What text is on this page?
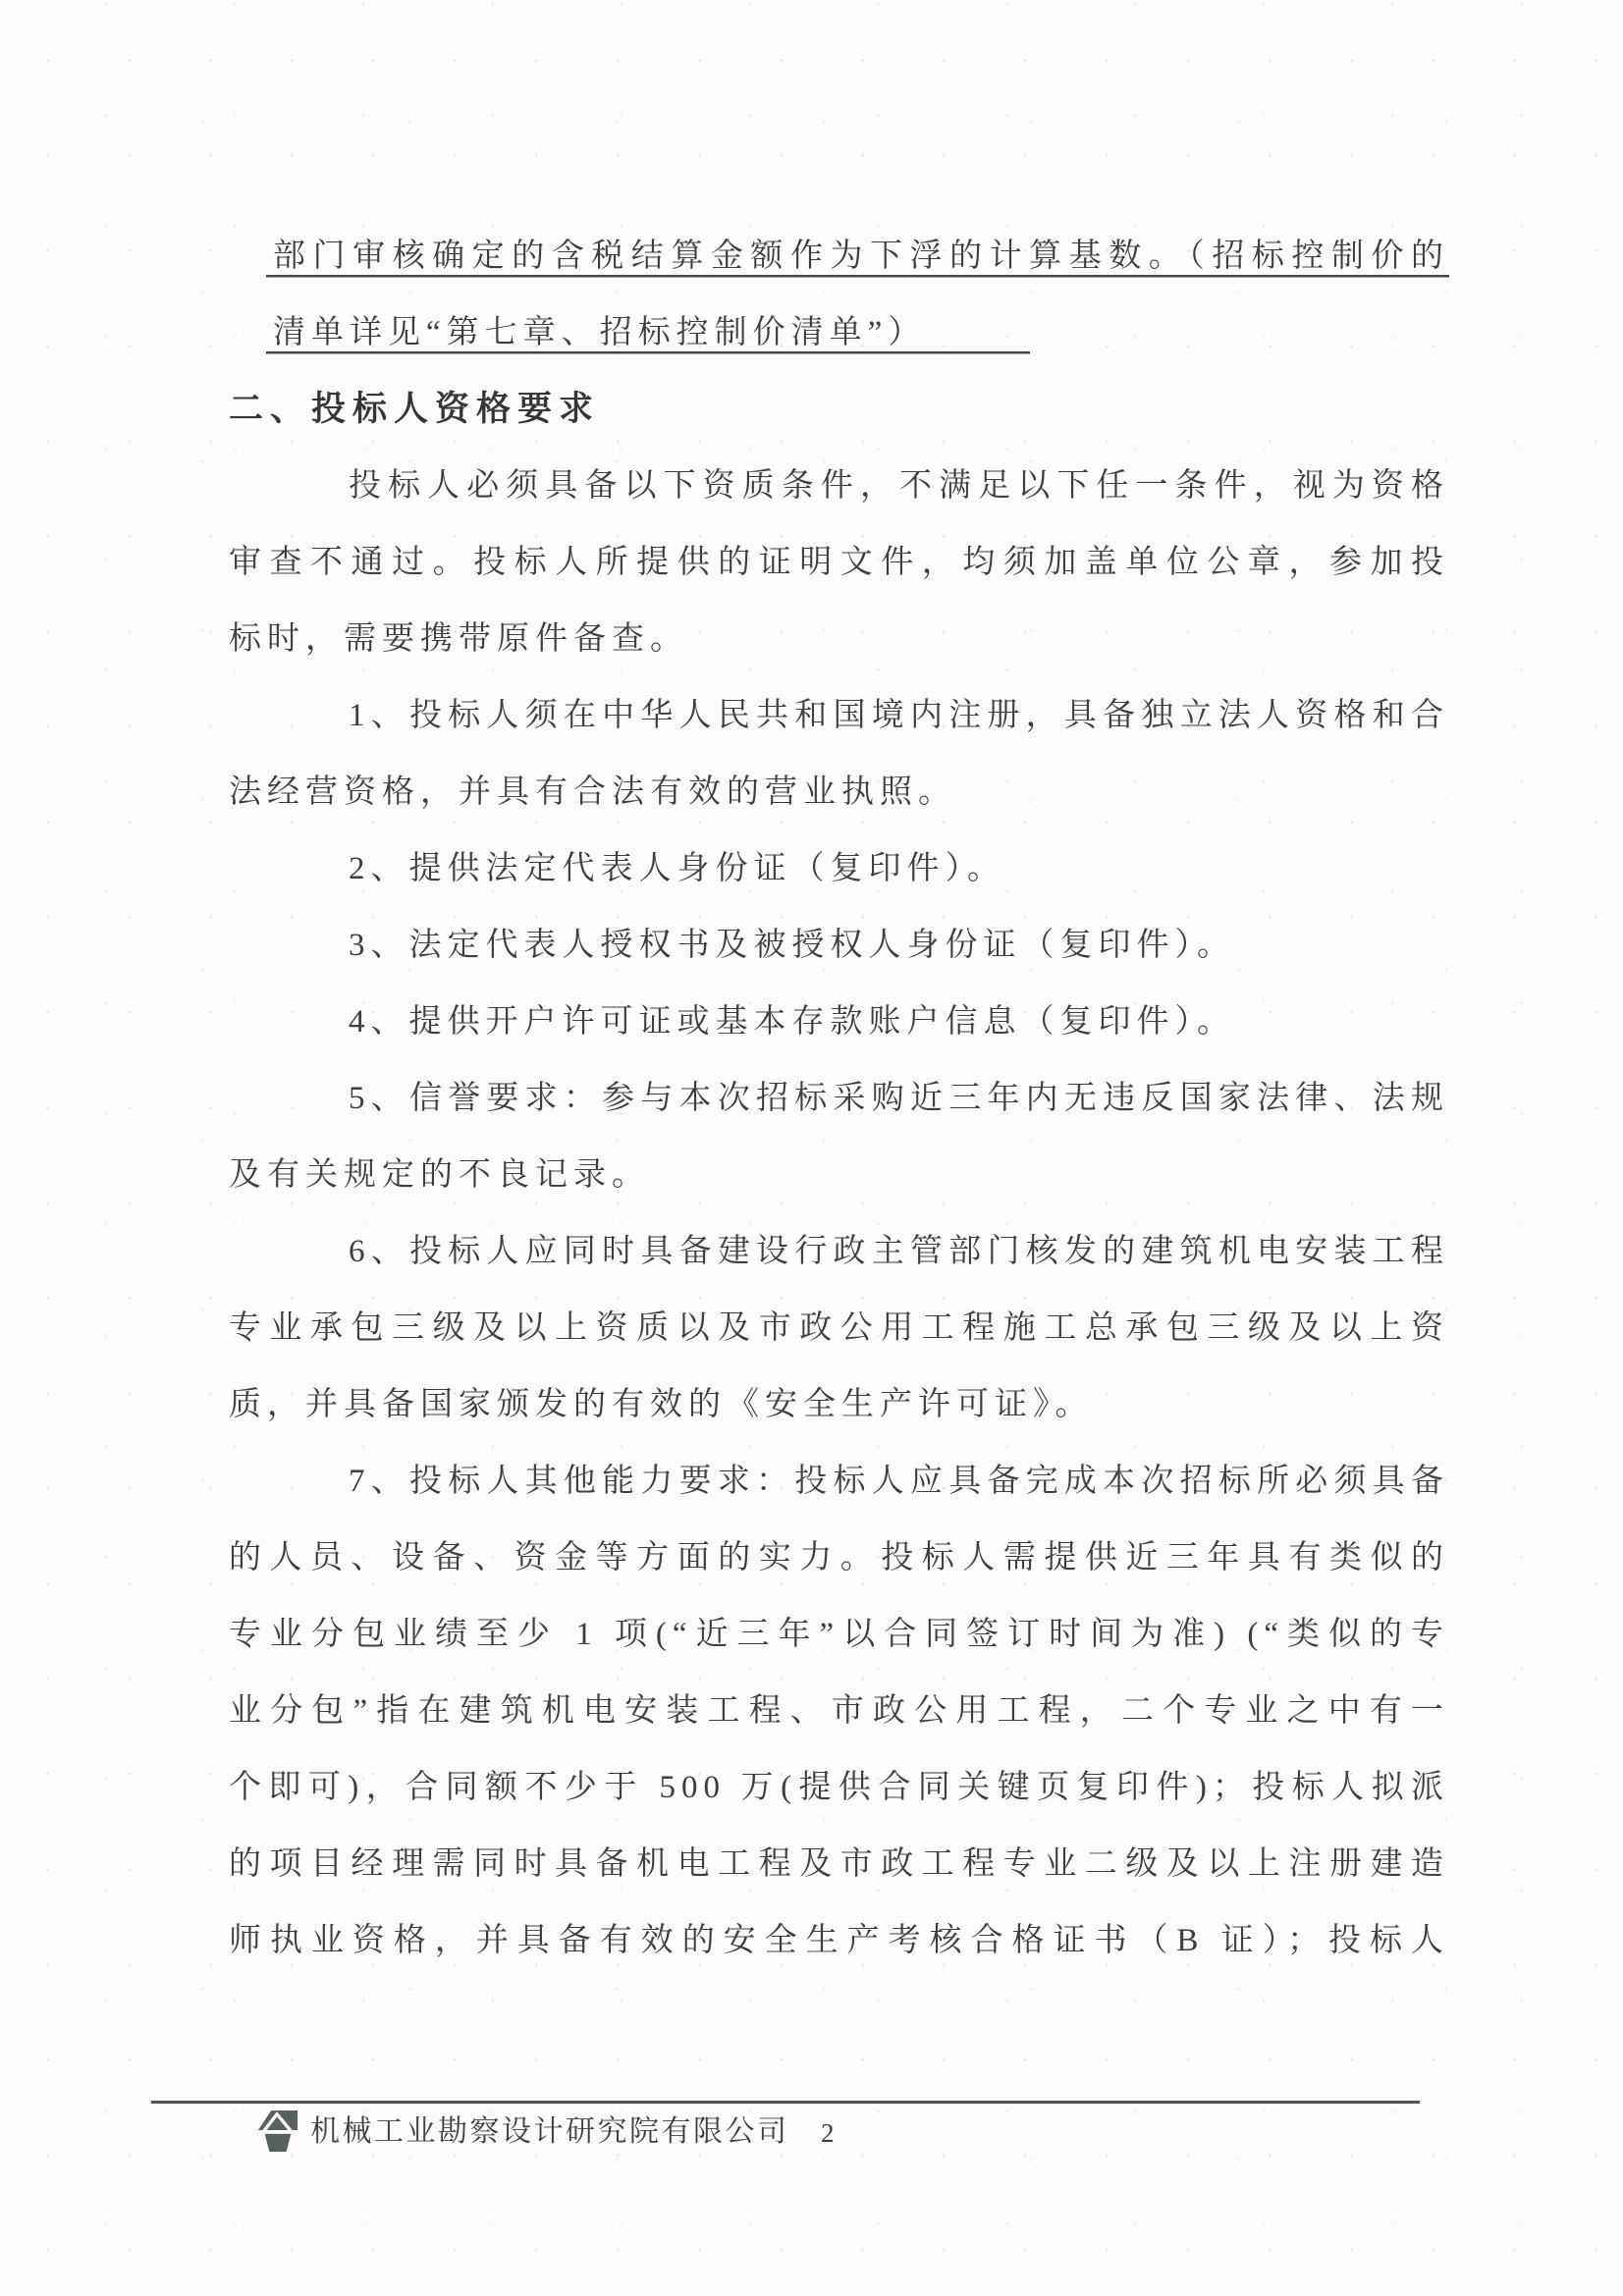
部门审核确定的含税结算金额作为下浮的计算基数。（招标控制价的
清单详见“第七章、招标控制价清单”）
二、投标人资格要求
投标人必须具备以下资质条件，不满足以下任一条件，视为资格
审查不通过。投标人所提供的证明文件，均须加盖单位公章，参加投
标时，需要携带原件备查。
1、投标人须在中华人民共和国境内注册，具备独立法人资格和合
法经营资格，并具有合法有效的营业执照。
2、提供法定代表人身份证（复印件）。
3、法定代表人授权书及被授权人身份证（复印件）。
4、提供开户许可证或基本存款账户信息（复印件）。
5、信誉要求：参与本次招标采购近三年内无违反国家法律、法规
及有关规定的不良记录。
6、投标人应同时具备建设行政主管部门核发的建筑机电安装工程
专业承包三级及以上资质以及市政公用工程施工总承包三级及以上资
质，并具备国家颁发的有效的《安全生产许可证》。
7、投标人其他能力要求：投标人应具备完成本次招标所必须具备
的人员、设备、资金等方面的实力。投标人需提供近三年具有类似的
专业分包业绩至少 1 项(“近三年”以合同签订时间为准) (“类似的专
业分包”指在建筑机电安装工程、市政公用工程，二个专业之中有一
个即可)，合同额不少于 500 万(提供合同关键页复印件)；投标人拟派
的项目经理需同时具备机电工程及市政工程专业二级及以上注册建造
师执业资格，并具备有效的安全生产考核合格证书（B 证）；投标人
机械工业勘察设计研究院有限公司 2
